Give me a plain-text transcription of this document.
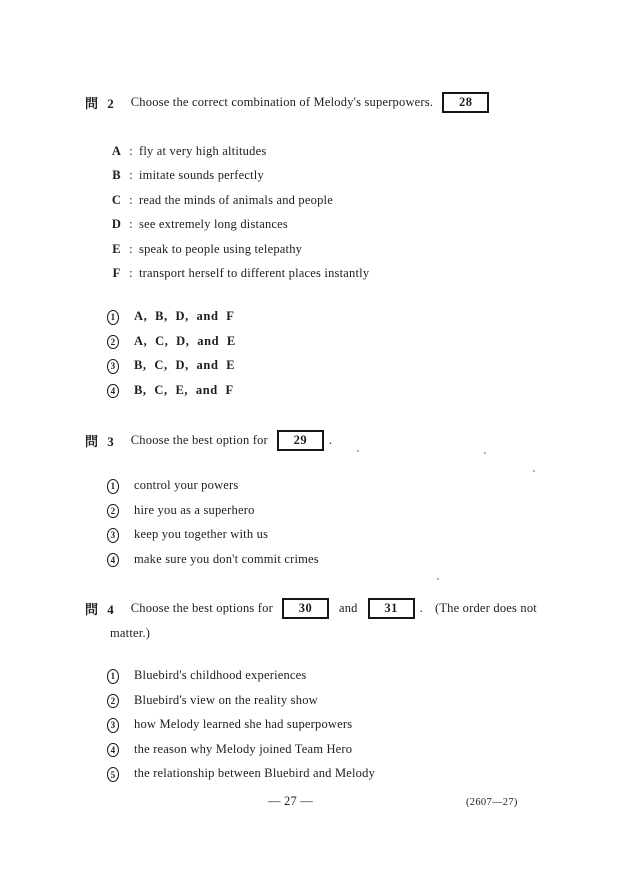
問 2 Choose the correct combination of Melody's superpowers.	28
A : fly at very high altitudes
B : imitate sounds perfectly
C : read the minds of animals and people
D : see extremely long distances
E : speak to people using telepathy
F : transport herself to different places instantly
1 A, B, D, and F
2 A, C, D, and E
3 B, C, D, and E
4 B, C, E, and F
問 3 Choose the best option for	29	.
1 control your powers
2 hire you as a superhero
3 keep you together with us
4 make sure you don't commit crimes
問 4 Choose the best options for	30	and	31	. (The order does not
matter.)
1 Bluebird's childhood experiences
2 Bluebird's view on the reality show
3 how Melody learned she had superpowers
4 the reason why Melody joined Team Hero
5 the relationship between Bluebird and Melody
— 27 —	(2607—27)
